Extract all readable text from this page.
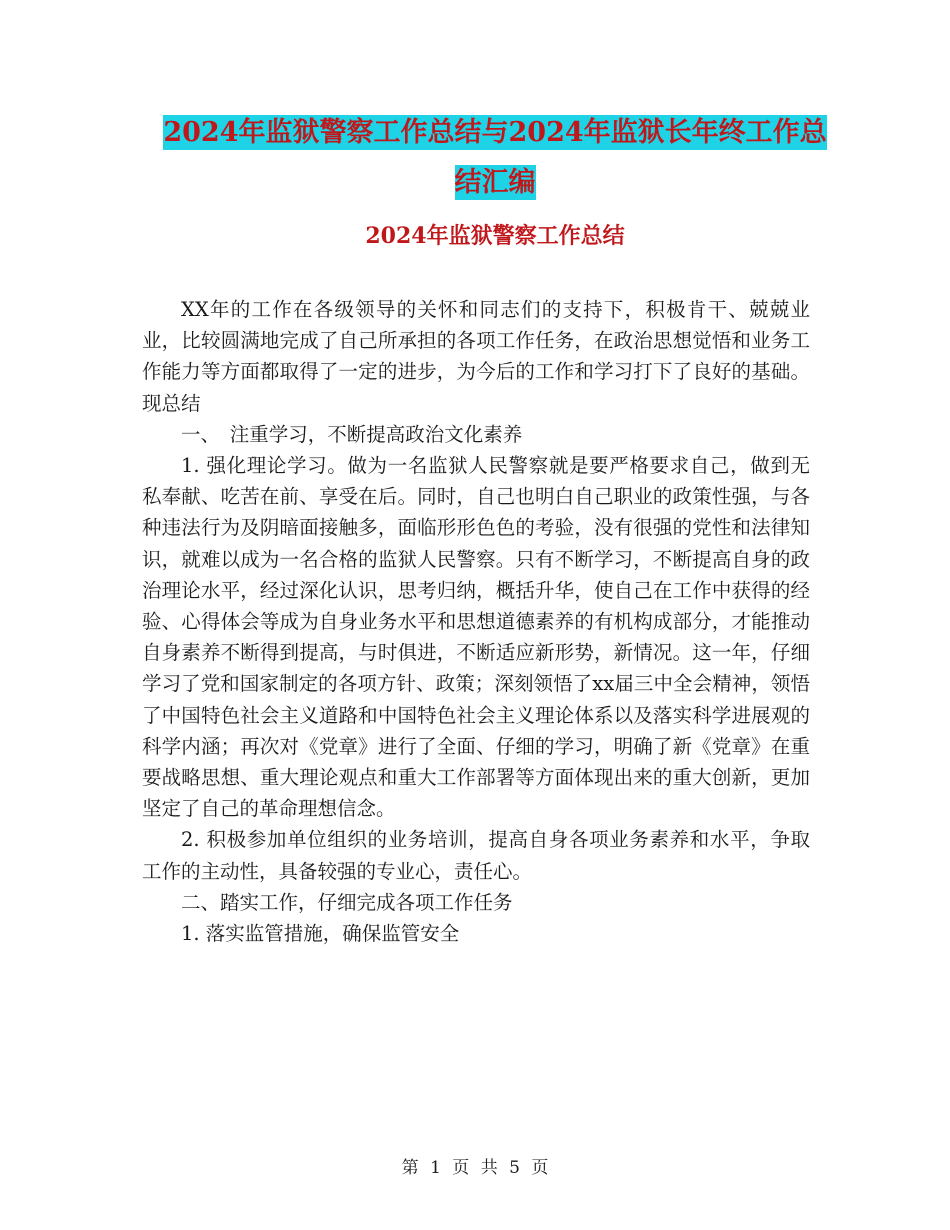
2024年监狱警察工作总结与2024年监狱长年终工作总
结汇编
2024年监狱警察工作总结

XX年的工作在各级领导的关怀和同志们的支持下，积极肯干、兢兢业业，比较圆满地完成了自己所承担的各项工作任务，在政治思想觉悟和业务工作能力等方面都取得了一定的进步，为今后的工作和学习打下了良好的基础。现总结

一、　注重学习，不断提高政治文化素养

1. 强化理论学习。做为一名监狱人民警察就是要严格要求自己，做到无私奉献、吃苦在前、享受在后。同时，自己也明白自己职业的政策性强，与各种违法行为及阴暗面接触多，面临形形色色的考验，没有很强的党性和法律知识，就难以成为一名合格的监狱人民警察。只有不断学习，不断提高自身的政治理论水平，经过深化认识，思考归纳，概括升华，使自己在工作中获得的经验、心得体会等成为自身业务水平和思想道德素养的有机构成部分，才能推动自身素养不断得到提高，与时俱进，不断适应新形势，新情况。这一年，仔细学习了党和国家制定的各项方针、政策；深刻领悟了xx届三中全会精神，领悟了中国特色社会主义道路和中国特色社会主义理论体系以及落实科学进展观的科学内涵；再次对《党章》进行了全面、仔细的学习，明确了新《党章》在重要战略思想、重大理论观点和重大工作部署等方面体现出来的重大创新，更加坚定了自己的革命理想信念。

2. 积极参加单位组织的业务培训，提高自身各项业务素养和水平，争取工作的主动性，具备较强的专业心，责任心。

二、踏实工作，仔细完成各项工作任务

1. 落实监管措施，确保监管安全

第 1 页 共 5 页
